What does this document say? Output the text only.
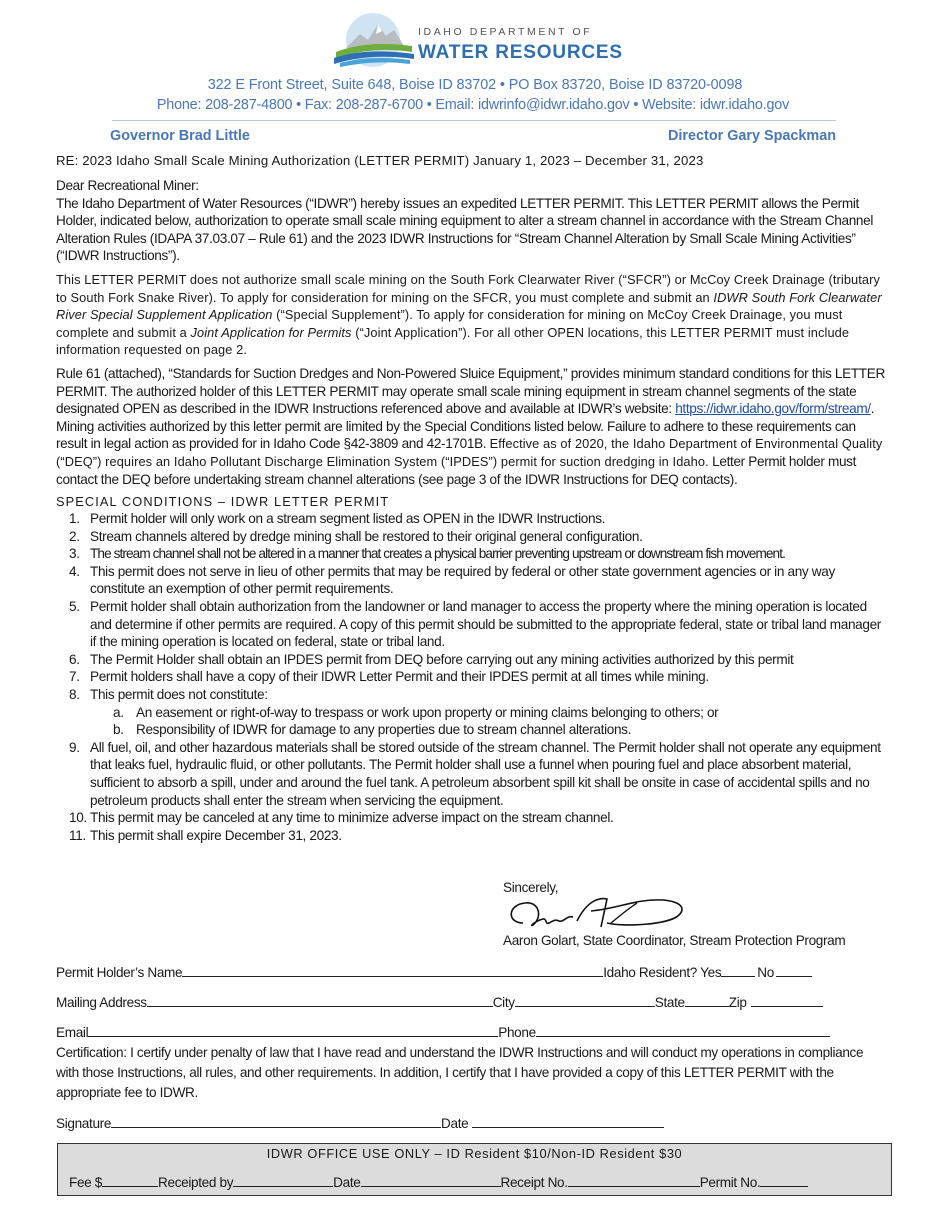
IDAHO DEPARTMENT OF
WATER RESOURCES
322 E Front Street, Suite 648, Boise ID 83702 • PO Box 83720, Boise ID 83720-0098
Phone: 208-287-4800 • Fax: 208-287-6700 • Email: idwrinfo@idwr.idaho.gov • Website: idwr.idaho.gov
Governor Brad Little	Director Gary Spackman
RE: 2023 Idaho Small Scale Mining Authorization (LETTER PERMIT) January 1, 2023 – December 31, 2023
Dear Recreational Miner:
The Idaho Department of Water Resources (“IDWR”) hereby issues an expedited LETTER PERMIT. This LETTER PERMIT allows the Permit Holder, indicated below, authorization to operate small scale mining equipment to alter a stream channel in accordance with the Stream Channel Alteration Rules (IDAPA 37.03.07 – Rule 61) and the 2023 IDWR Instructions for “Stream Channel Alteration by Small Scale Mining Activities” (“IDWR Instructions”).
This LETTER PERMIT does not authorize small scale mining on the South Fork Clearwater River (“SFCR”) or McCoy Creek Drainage (tributary to South Fork Snake River). To apply for consideration for mining on the SFCR, you must complete and submit an IDWR South Fork Clearwater River Special Supplement Application (“Special Supplement”). To apply for consideration for mining on McCoy Creek Drainage, you must complete and submit a Joint Application for Permits (“Joint Application”). For all other OPEN locations, this LETTER PERMIT must include information requested on page 2.
Rule 61 (attached), “Standards for Suction Dredges and Non-Powered Sluice Equipment,” provides minimum standard conditions for this LETTER PERMIT. The authorized holder of this LETTER PERMIT may operate small scale mining equipment in stream channel segments of the state designated OPEN as described in the IDWR Instructions referenced above and available at IDWR’s website: https://idwr.idaho.gov/form/stream/. Mining activities authorized by this letter permit are limited by the Special Conditions listed below. Failure to adhere to these requirements can result in legal action as provided for in Idaho Code §42-3809 and 42-1701B. Effective as of 2020, the Idaho Department of Environmental Quality (“DEQ”) requires an Idaho Pollutant Discharge Elimination System (“IPDES”) permit for suction dredging in Idaho. Letter Permit holder must contact the DEQ before undertaking stream channel alterations (see page 3 of the IDWR Instructions for DEQ contacts).
SPECIAL CONDITIONS – IDWR LETTER PERMIT
1. Permit holder will only work on a stream segment listed as OPEN in the IDWR Instructions.
2. Stream channels altered by dredge mining shall be restored to their original general configuration.
3. The stream channel shall not be altered in a manner that creates a physical barrier preventing upstream or downstream fish movement.
4. This permit does not serve in lieu of other permits that may be required by federal or other state government agencies or in any way constitute an exemption of other permit requirements.
5. Permit holder shall obtain authorization from the landowner or land manager to access the property where the mining operation is located and determine if other permits are required. A copy of this permit should be submitted to the appropriate federal, state or tribal land manager if the mining operation is located on federal, state or tribal land.
6. The Permit Holder shall obtain an IPDES permit from DEQ before carrying out any mining activities authorized by this permit
7. Permit holders shall have a copy of their IDWR Letter Permit and their IPDES permit at all times while mining.
8. This permit does not constitute:
a. An easement or right-of-way to trespass or work upon property or mining claims belonging to others; or
b. Responsibility of IDWR for damage to any properties due to stream channel alterations.
9. All fuel, oil, and other hazardous materials shall be stored outside of the stream channel. The Permit holder shall not operate any equipment that leaks fuel, hydraulic fluid, or other pollutants. The Permit holder shall use a funnel when pouring fuel and place absorbent material, sufficient to absorb a spill, under and around the fuel tank. A petroleum absorbent spill kit shall be onsite in case of accidental spills and no petroleum products shall enter the stream when servicing the equipment.
10. This permit may be canceled at any time to minimize adverse impact on the stream channel.
11. This permit shall expire December 31, 2023.
Sincerely,
Aaron Golart, State Coordinator, Stream Protection Program
Permit Holder’s Name	Idaho Resident? Yes	No
Mailing Address	City	State	Zip
Email	Phone
Certification: I certify under penalty of law that I have read and understand the IDWR Instructions and will conduct my operations in compliance with those Instructions, all rules, and other requirements. In addition, I certify that I have provided a copy of this LETTER PERMIT with the appropriate fee to IDWR.
Signature	Date
IDWR OFFICE USE ONLY – ID Resident $10/Non-ID Resident $30
Fee $	Receipted by	Date	Receipt No.	Permit No.
